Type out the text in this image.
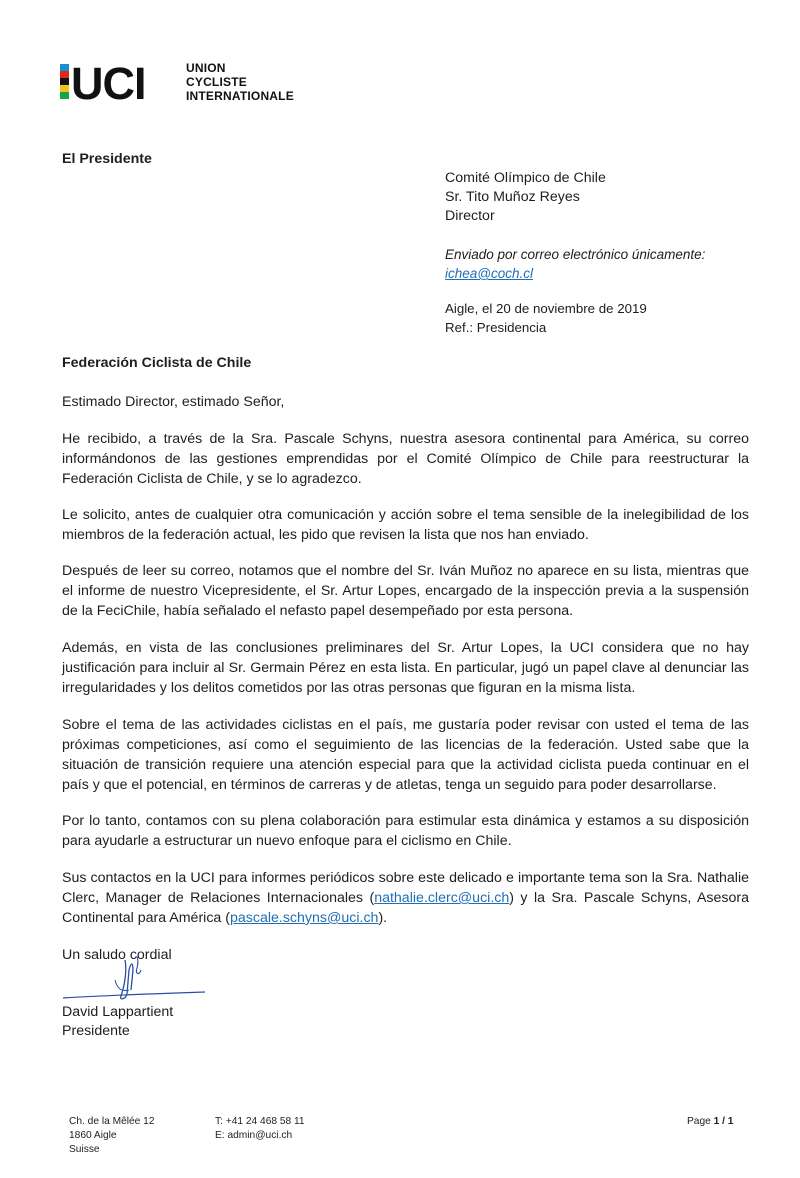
UCI	UNION
CYCLISTE
INTERNATIONALE
El Presidente
Comité Olímpico de Chile
Sr. Tito Muñoz Reyes
Director
Enviado por correo electrónico únicamente:
ichea@coch.cl
Aigle, el 20 de noviembre de 2019
Ref.: Presidencia
Federación Ciclista de Chile
Estimado Director, estimado Señor,
He recibido, a través de la Sra. Pascale Schyns, nuestra asesora continental para América, su correo
informándonos de las gestiones emprendidas por el Comité Olímpico de Chile para reestructurar la
Federación Ciclista de Chile, y se lo agradezco.
Le solicito, antes de cualquier otra comunicación y acción sobre el tema sensible de la inelegibilidad de los
miembros de la federación actual, les pido que revisen la lista que nos han enviado.
Después de leer su correo, notamos que el nombre del Sr. Iván Muñoz no aparece en su lista, mientras que
el informe de nuestro Vicepresidente, el Sr. Artur Lopes, encargado de la inspección previa a la suspensión
de la FeciChile, había señalado el nefasto papel desempeñado por esta persona.
Además, en vista de las conclusiones preliminares del Sr. Artur Lopes, la UCI considera que no hay
justificación para incluir al Sr. Germain Pérez en esta lista. En particular, jugó un papel clave al denunciar las
irregularidades y los delitos cometidos por las otras personas que figuran en la misma lista.
Sobre el tema de las actividades ciclistas en el país, me gustaría poder revisar con usted el tema de las
próximas competiciones, así como el seguimiento de las licencias de la federación. Usted sabe que la
situación de transición requiere una atención especial para que la actividad ciclista pueda continuar en el
país y que el potencial, en términos de carreras y de atletas, tenga un seguido para poder desarrollarse.
Por lo tanto, contamos con su plena colaboración para estimular esta dinámica y estamos a su disposición
para ayudarle a estructurar un nuevo enfoque para el ciclismo en Chile.
Sus contactos en la UCI para informes periódicos sobre este delicado e importante tema son la Sra. Nathalie
Clerc, Manager de Relaciones Internacionales (nathalie.clerc@uci.ch) y la Sra. Pascale Schyns, Asesora
Continental para América (pascale.schyns@uci.ch).
Un saludo cordial
David Lappartient
Presidente
Ch. de la Mêlée 12
1860 Aigle
Suisse
T: +41 24 468 58 11
E: admin@uci.ch
Page 1 / 1
